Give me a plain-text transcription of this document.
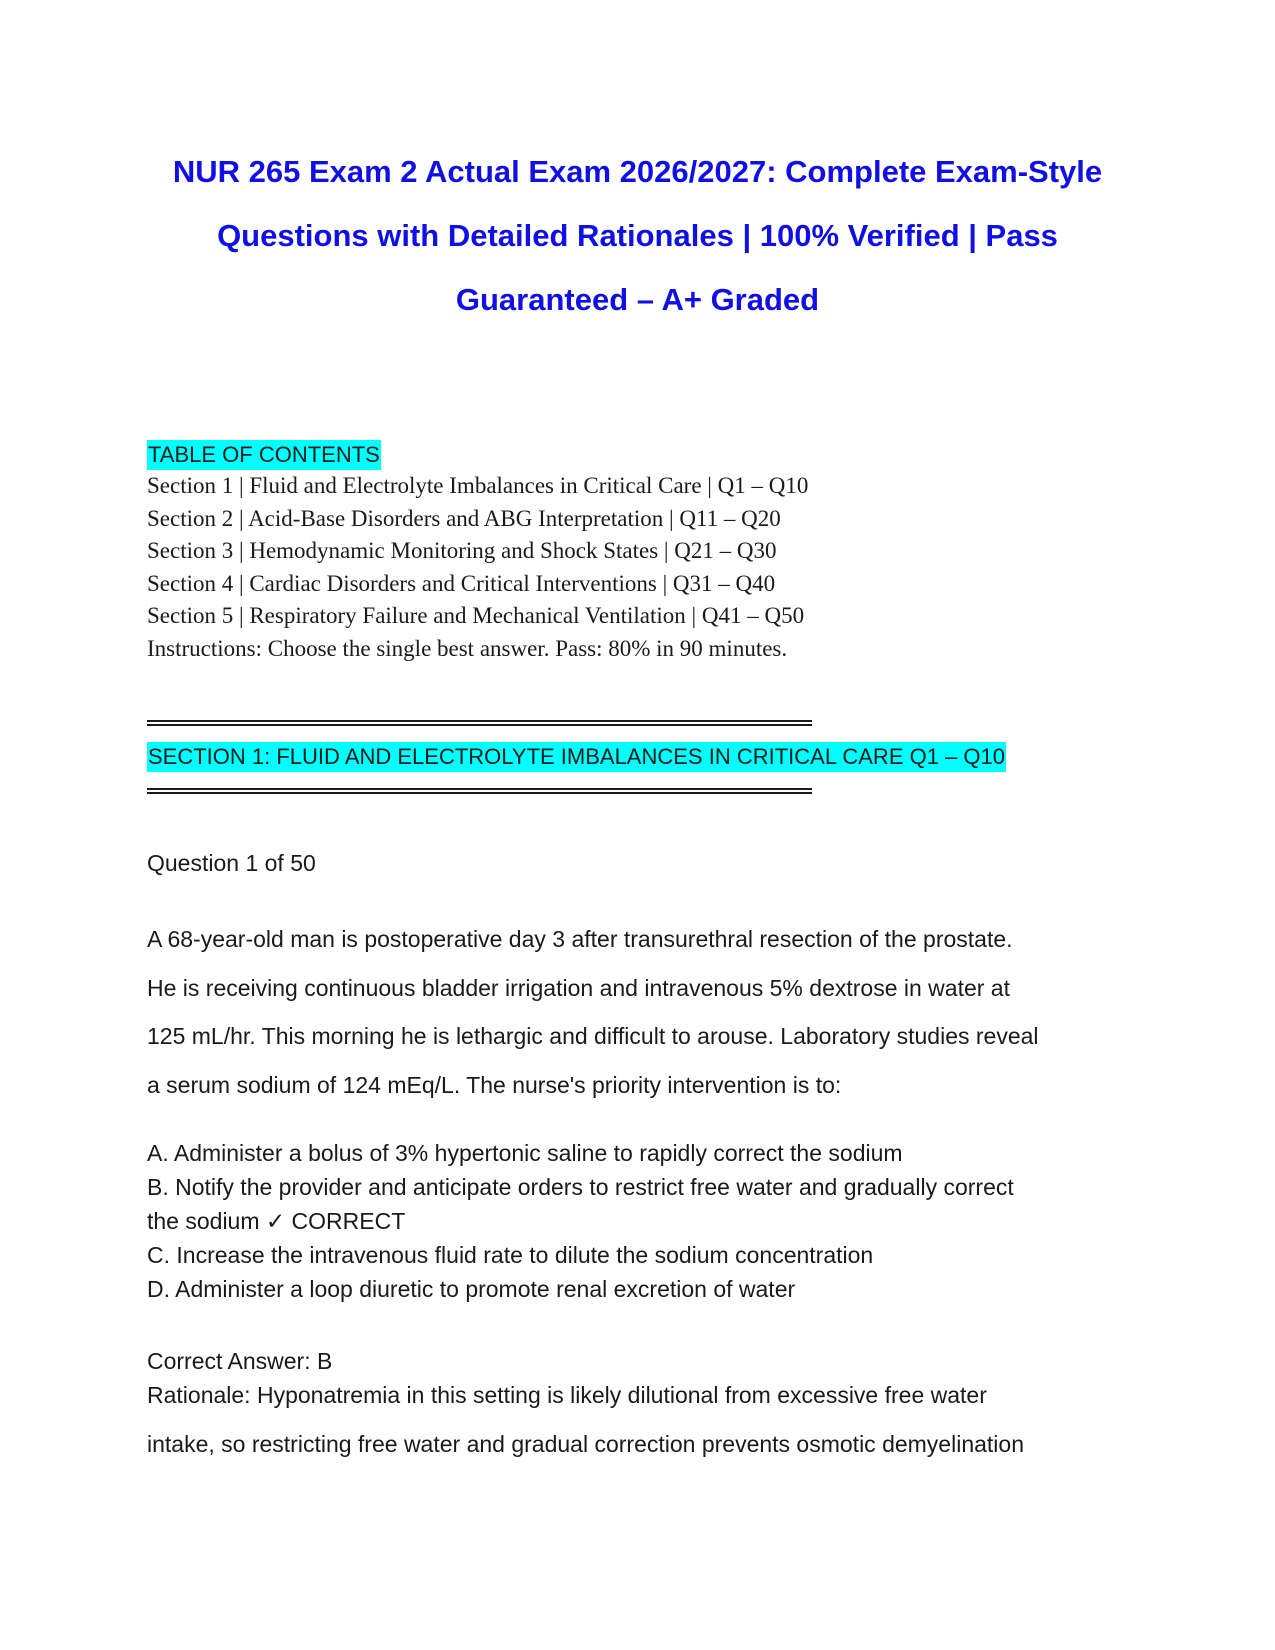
NUR 265 Exam 2 Actual Exam 2026/2027: Complete Exam-Style
Questions with Detailed Rationales | 100% Verified | Pass
Guaranteed – A+ Graded
TABLE OF CONTENTS
Section 1 | Fluid and Electrolyte Imbalances in Critical Care | Q1 – Q10
Section 2 | Acid-Base Disorders and ABG Interpretation | Q11 – Q20
Section 3 | Hemodynamic Monitoring and Shock States | Q21 – Q30
Section 4 | Cardiac Disorders and Critical Interventions | Q31 – Q40
Section 5 | Respiratory Failure and Mechanical Ventilation | Q41 – Q50
Instructions: Choose the single best answer. Pass: 80% in 90 minutes.
SECTION 1: FLUID AND ELECTROLYTE IMBALANCES IN CRITICAL CARE Q1 – Q10
Question 1 of 50

A 68-year-old man is postoperative day 3 after transurethral resection of the prostate.
He is receiving continuous bladder irrigation and intravenous 5% dextrose in water at
125 mL/hr. This morning he is lethargic and difficult to arouse. Laboratory studies reveal
a serum sodium of 124 mEq/L. The nurse's priority intervention is to:

A. Administer a bolus of 3% hypertonic saline to rapidly correct the sodium
B. Notify the provider and anticipate orders to restrict free water and gradually correct
the sodium ✓ CORRECT
C. Increase the intravenous fluid rate to dilute the sodium concentration
D. Administer a loop diuretic to promote renal excretion of water
Correct Answer: B
Rationale: Hyponatremia in this setting is likely dilutional from excessive free water
intake, so restricting free water and gradual correction prevents osmotic demyelination
